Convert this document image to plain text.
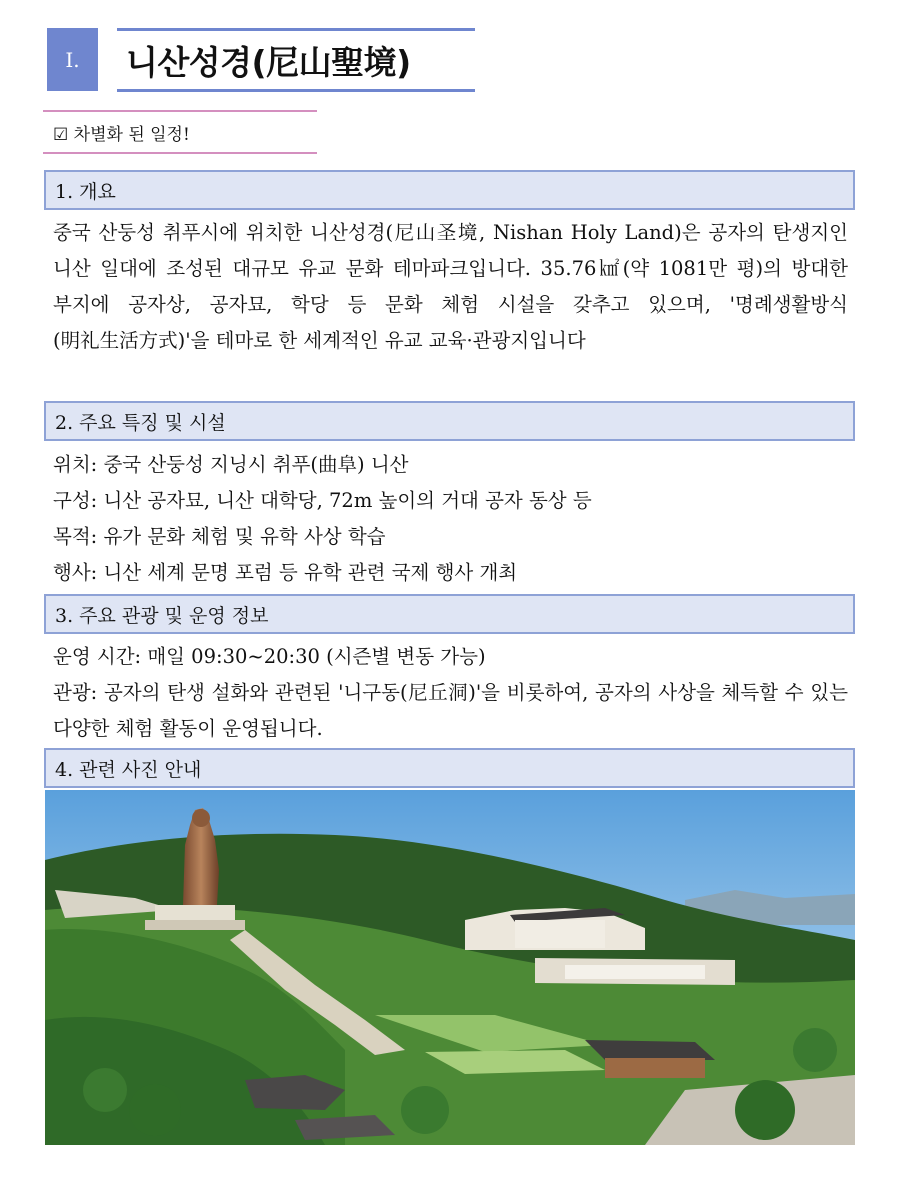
I.	니산성경(尼山聖境)
☑ 차별화 된 일정!
1. 개요
중국 산둥성 취푸시에 위치한 니산성경(尼山圣境, Nishan Holy Land)은 공자의 탄생지인 니산 일대에 조성된 대규모 유교 문화 테마파크입니다. 35.76㎢(약 1081만 평)의 방대한 부지에 공자상, 공자묘, 학당 등 문화 체험 시설을 갖추고 있으며, '명례생활방식(明礼生活方式)'을 테마로 한 세계적인 유교 교육·관광지입니다
2. 주요 특징 및 시설
위치: 중국 산둥성 지닝시 취푸(曲阜) 니산
구성: 니산 공자묘, 니산 대학당, 72m 높이의 거대 공자 동상 등
목적: 유가 문화 체험 및 유학 사상 학습
행사: 니산 세계 문명 포럼 등 유학 관련 국제 행사 개최
3. 주요 관광 및 운영 정보
운영 시간: 매일 09:30~20:30 (시즌별 변동 가능)
관광: 공자의 탄생 설화와 관련된 '니구동(尼丘洞)'을 비롯하여, 공자의 사상을 체득할 수 있는 다양한 체험 활동이 운영됩니다.
4. 관련 사진 안내
